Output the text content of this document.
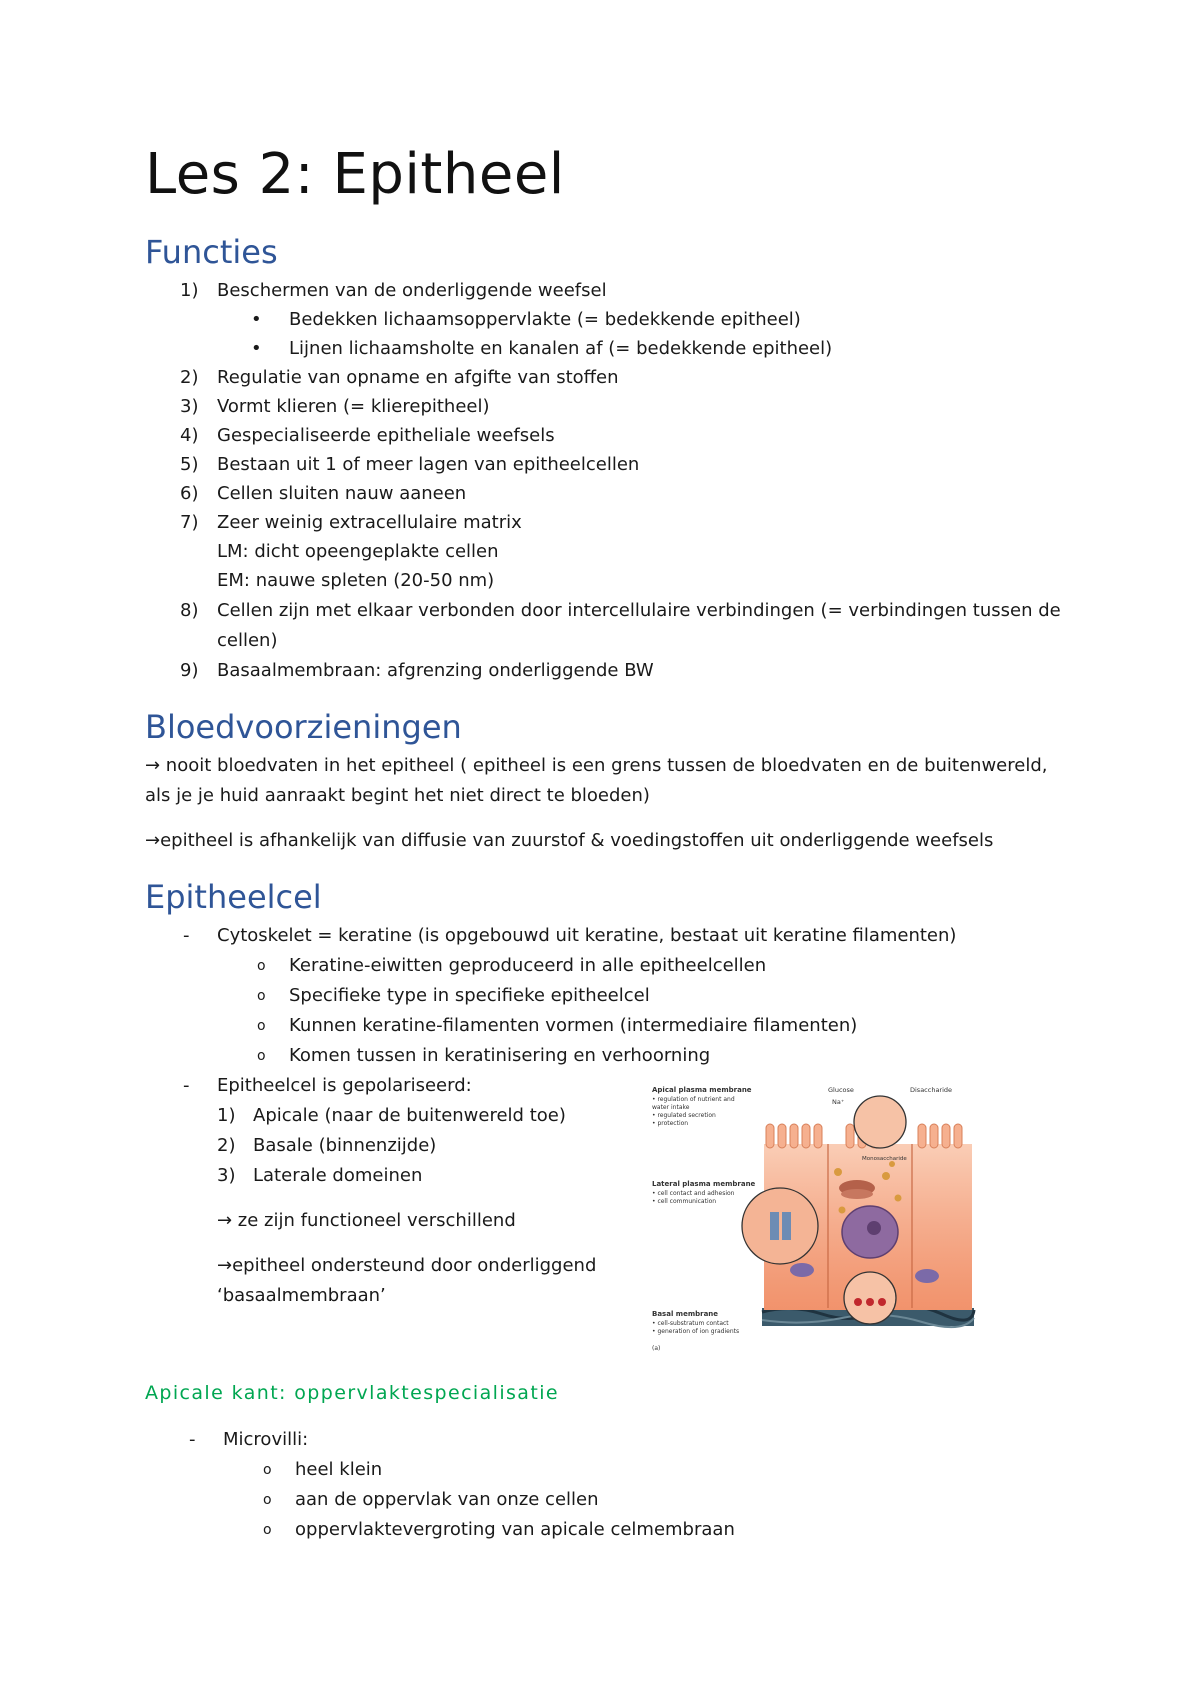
Les 2: Epitheel
Functies
1) Beschermen van de onderliggende weefsel
• Bedekken lichaamsoppervlakte (= bedekkende epitheel)
• Lijnen lichaamsholte en kanalen af (= bedekkende epitheel)
2) Regulatie van opname en afgifte van stoffen
3) Vormt klieren (= klierepitheel)
4) Gespecialiseerde epitheliale weefsels
5) Bestaan uit 1 of meer lagen van epitheelcellen
6) Cellen sluiten nauw aaneen
7) Zeer weinig extracellulaire matrix
LM: dicht opeengeplakte cellen
EM: nauwe spleten (20-50 nm)
8) Cellen zijn met elkaar verbonden door intercellulaire verbindingen (= verbindingen tussen de
cellen)
9) Basaalmembraan: afgrenzing onderliggende BW
Bloedvoorzieningen
→ nooit bloedvaten in het epitheel ( epitheel is een grens tussen de bloedvaten en de buitenwereld,
als je je huid aanraakt begint het niet direct te bloeden)
→epitheel is afhankelijk van diffusie van zuurstof & voedingstoffen uit onderliggende weefsels
Epitheelcel
- Cytoskelet = keratine (is opgebouwd uit keratine, bestaat uit keratine filamenten)
o Keratine-eiwitten geproduceerd in alle epitheelcellen
o Specifieke type in specifieke epitheelcel
o Kunnen keratine-filamenten vormen (intermediaire filamenten)
o Komen tussen in keratinisering en verhoorning
- Epitheelcel is gepolariseerd:
1) Apicale (naar de buitenwereld toe)
2) Basale (binnenzijde)
3) Laterale domeinen
→ ze zijn functioneel verschillend
→epitheel ondersteund door onderliggend
‘basaalmembraan’
Apical plasma membrane
• regulation of nutrient and
water intake
• regulated secretion
• protection
Lateral plasma membrane
• cell contact and adhesion
• cell communication
Basal membrane
• cell-substratum contact
• generation of ion gradients
Glucose
Na⁺
Disaccharide
Monosaccharide
(a)
Apicale kant: oppervlaktespecialisatie
- Microvilli:
o heel klein
o aan de oppervlak van onze cellen
o oppervlaktevergroting van apicale celmembraan
